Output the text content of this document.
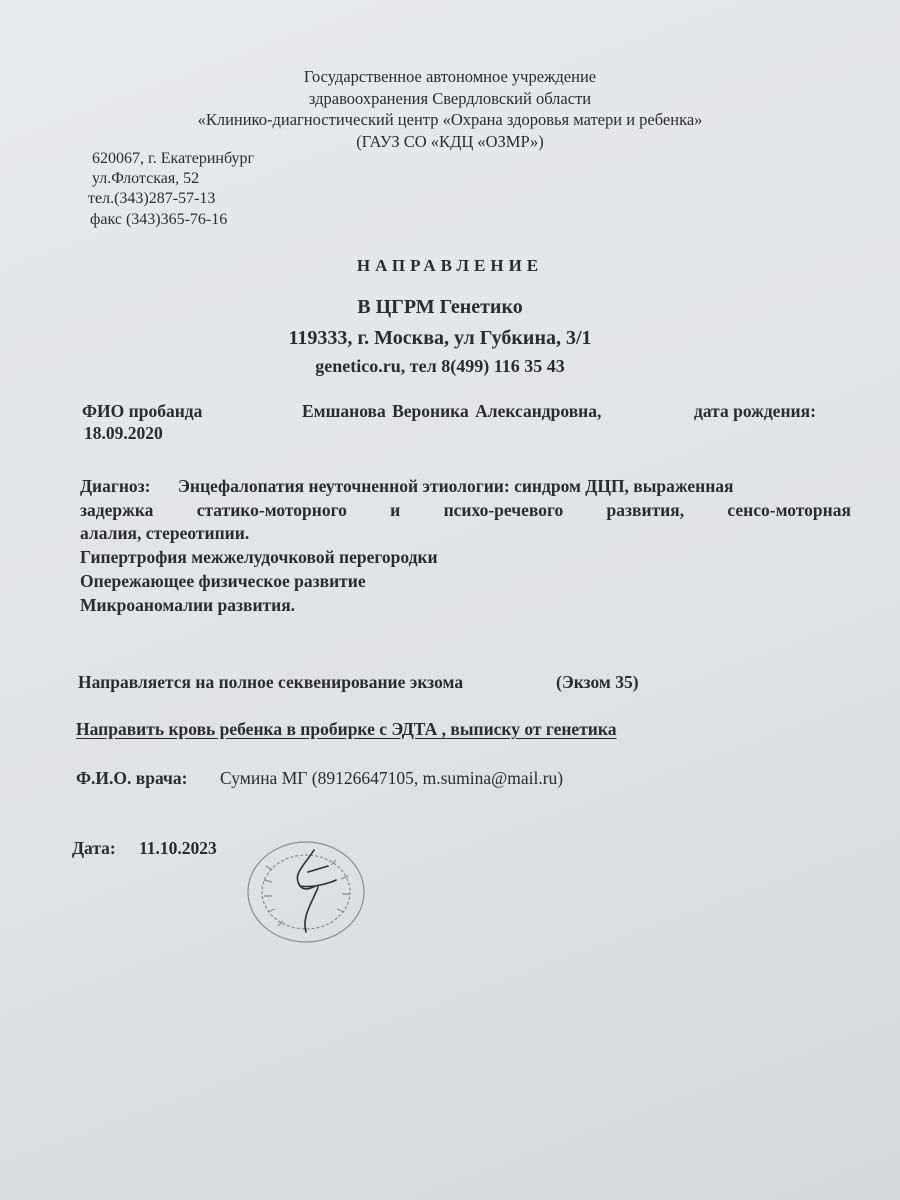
Государственное автономное учреждение
здравоохранения Свердловский области
«Клинико-диагностический центр «Охрана здоровья матери и ребенка»
(ГАУЗ СО «КДЦ «ОЗМР»)
620067, г. Екатеринбург
ул.Флотская, 52
тел.(343)287-57-13
факс (343)365-76-16
НАПРАВЛЕНИЕ
В ЦГРМ Генетико
119333, г. Москва, ул Губкина, 3/1
genetico.ru, тел 8(499) 116 35 43
ФИО пробанда	Емшанова Вероника Александровна,	дата рождения:
18.09.2020
Диагноз: Энцефалопатия неуточненной этиологии: синдром ДЦП, выраженная
задержка статико-моторного и психо-речевого развития, сенсо-моторная
алалия, стереотипии.
Гипертрофия межжелудочковой перегородки
Опережающее физическое развитие
Микроаномалии развития.
Направляется на полное секвенирование экзома	(Экзом 35)
Направить кровь ребенка в пробирке с ЭДТА , выписку от генетика
Ф.И.О. врача: Сумина МГ (89126647105, m.sumina@mail.ru)
Дата: 11.10.2023
